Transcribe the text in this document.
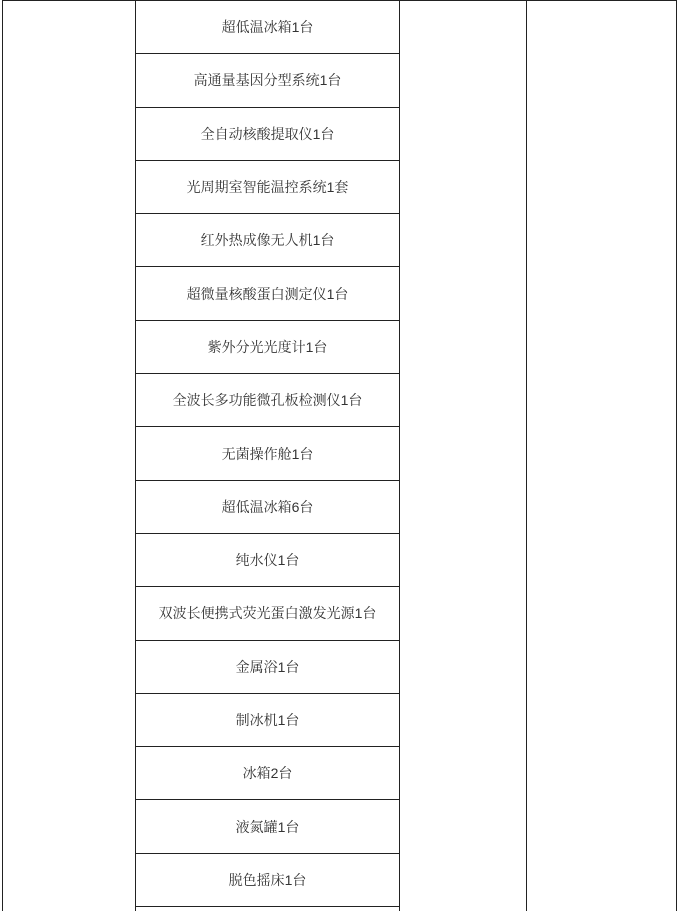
超低温冰箱1台
高通量基因分型系统1台
全自动核酸提取仪1台
光周期室智能温控系统1套
红外热成像无人机1台
超微量核酸蛋白测定仪1台
紫外分光光度计1台
全波长多功能微孔板检测仪1台
无菌操作舱1台
超低温冰箱6台
纯水仪1台
双波长便携式荧光蛋白激发光源1台
金属浴1台
制冰机1台
冰箱2台
液氮罐1台
脱色摇床1台
